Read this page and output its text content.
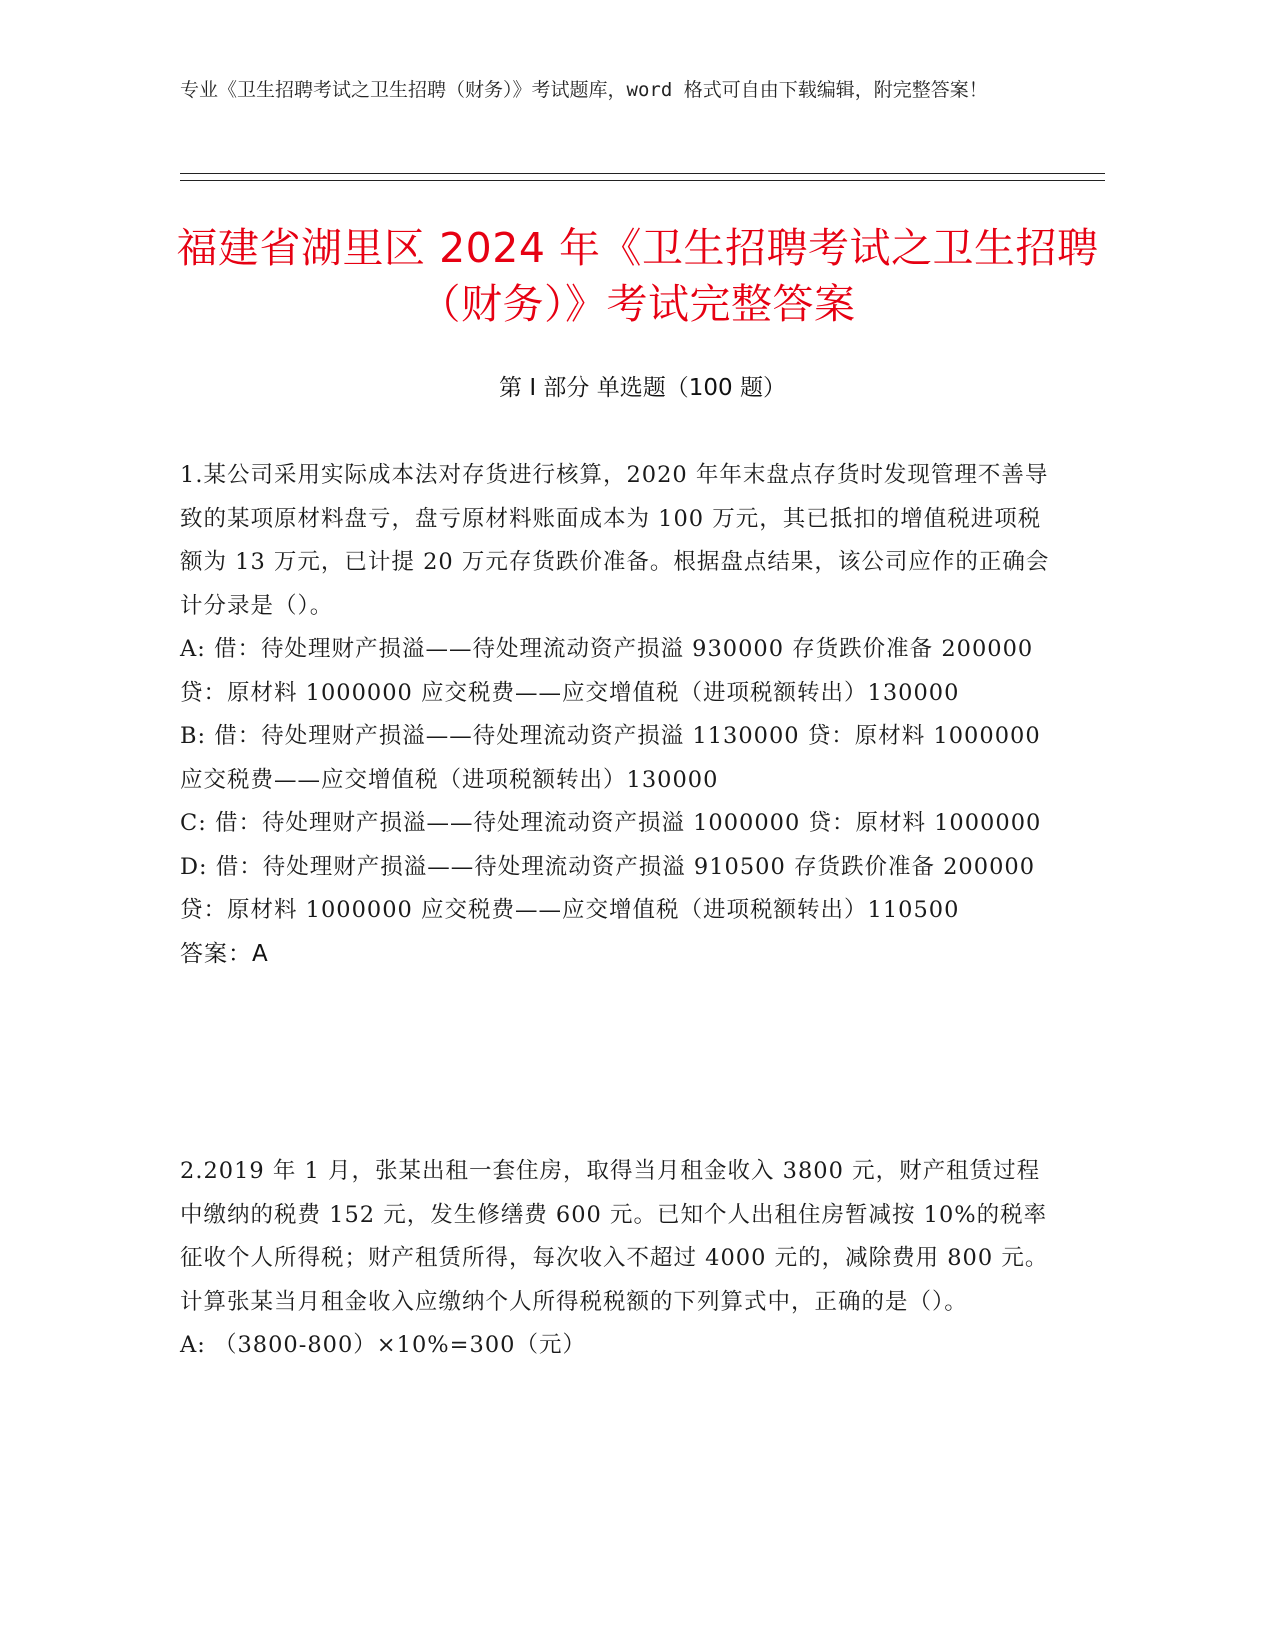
专业《卫生招聘考试之卫生招聘（财务）》考试题库，word 格式可自由下载编辑，附完整答案！
福建省湖里区 2024 年《卫生招聘考试之卫生招聘（财务）》考试完整答案
第 I 部分 单选题（100 题）

1.某公司采用实际成本法对存货进行核算，2020 年年末盘点存货时发现管理不善导致的某项原材料盘亏，盘亏原材料账面成本为 100 万元，其已抵扣的增值税进项税额为 13 万元，已计提 20 万元存货跌价准备。根据盘点结果，该公司应作的正确会计分录是（）。

A: 借：待处理财产损溢——待处理流动资产损溢 930000 存货跌价准备 200000 贷：原材料 1000000 应交税费——应交增值税（进项税额转出）130000

B: 借：待处理财产损溢——待处理流动资产损溢 1130000 贷：原材料 1000000 应交税费——应交增值税（进项税额转出）130000

C: 借：待处理财产损溢——待处理流动资产损溢 1000000 贷：原材料 1000000

D: 借：待处理财产损溢——待处理流动资产损溢 910500 存货跌价准备 200000 贷：原材料 1000000 应交税费——应交增值税（进项税额转出）110500

答案：A

2.2019 年 1 月，张某出租一套住房，取得当月租金收入 3800 元，财产租赁过程中缴纳的税费 152 元，发生修缮费 600 元。已知个人出租住房暂减按 10%的税率征收个人所得税；财产租赁所得，每次收入不超过 4000 元的，减除费用 800 元。计算张某当月租金收入应缴纳个人所得税税额的下列算式中，正确的是（）。

A: （3800-800）×10%=300（元）
